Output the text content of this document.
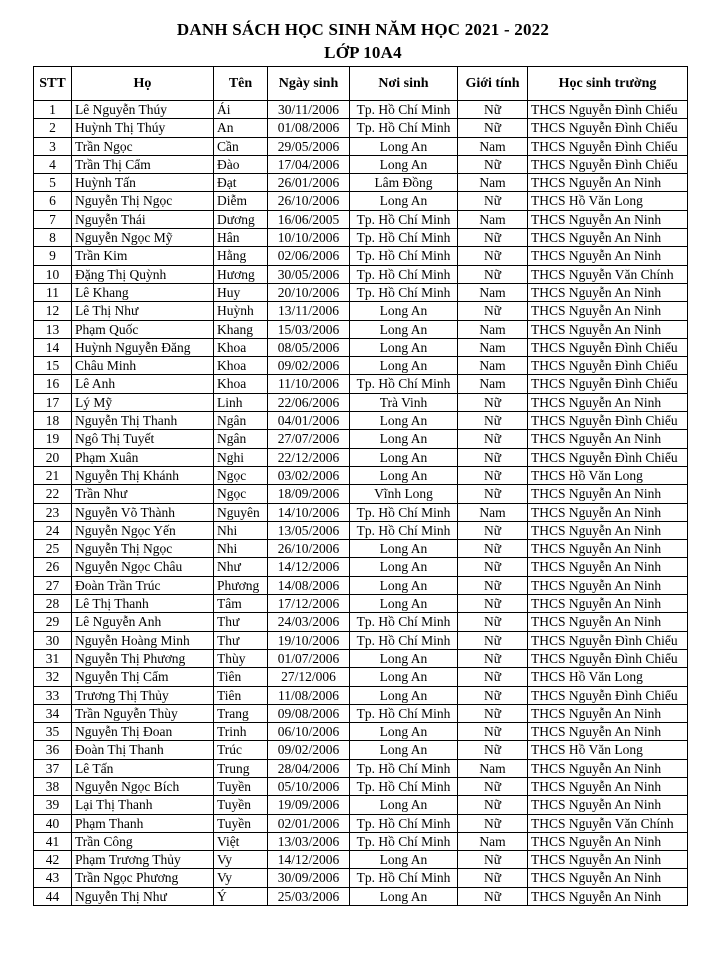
DANH SÁCH HỌC SINH NĂM HỌC 2021 - 2022
LỚP 10A4
STT	Họ	Tên	Ngày sinh	Nơi sinh	Giới tính	Học sinh trường
1	Lê Nguyễn Thúy	Ái	30/11/2006	Tp. Hồ Chí Minh	Nữ	THCS Nguyễn Đình Chiểu
2	Huỳnh Thị Thúy	An	01/08/2006	Tp. Hồ Chí Minh	Nữ	THCS Nguyễn Đình Chiểu
3	Trần Ngọc	Cần	29/05/2006	Long An	Nam	THCS Nguyễn Đình Chiểu
4	Trần Thị Cẩm	Đào	17/04/2006	Long An	Nữ	THCS Nguyễn Đình Chiểu
5	Huỳnh Tấn	Đạt	26/01/2006	Lâm Đồng	Nam	THCS Nguyễn An Ninh
6	Nguyễn Thị Ngọc	Diễm	26/10/2006	Long An	Nữ	THCS Hồ Văn Long
7	Nguyễn Thái	Dương	16/06/2005	Tp. Hồ Chí Minh	Nam	THCS Nguyễn An Ninh
8	Nguyễn Ngọc Mỹ	Hân	10/10/2006	Tp. Hồ Chí Minh	Nữ	THCS Nguyễn An Ninh
9	Trần Kim	Hằng	02/06/2006	Tp. Hồ Chí Minh	Nữ	THCS Nguyễn An Ninh
10	Đặng Thị Quỳnh	Hương	30/05/2006	Tp. Hồ Chí Minh	Nữ	THCS Nguyễn Văn Chính
11	Lê Khang	Huy	20/10/2006	Tp. Hồ Chí Minh	Nam	THCS Nguyễn An Ninh
12	Lê Thị Như	Huỳnh	13/11/2006	Long An	Nữ	THCS Nguyễn An Ninh
13	Phạm Quốc	Khang	15/03/2006	Long An	Nam	THCS Nguyễn An Ninh
14	Huỳnh Nguyễn Đăng	Khoa	08/05/2006	Long An	Nam	THCS Nguyễn Đình Chiểu
15	Châu Minh	Khoa	09/02/2006	Long An	Nam	THCS Nguyễn Đình Chiểu
16	Lê Anh	Khoa	11/10/2006	Tp. Hồ Chí Minh	Nam	THCS Nguyễn Đình Chiểu
17	Lý Mỹ	Linh	22/06/2006	Trà Vinh	Nữ	THCS Nguyễn An Ninh
18	Nguyễn Thị Thanh	Ngân	04/01/2006	Long An	Nữ	THCS Nguyễn Đình Chiểu
19	Ngô Thị Tuyết	Ngân	27/07/2006	Long An	Nữ	THCS Nguyễn An Ninh
20	Phạm Xuân	Nghi	22/12/2006	Long An	Nữ	THCS Nguyễn Đình Chiểu
21	Nguyễn Thị Khánh	Ngọc	03/02/2006	Long An	Nữ	THCS Hồ Văn Long
22	Trần Như	Ngọc	18/09/2006	Vĩnh Long	Nữ	THCS Nguyễn An Ninh
23	Nguyễn Võ Thành	Nguyên	14/10/2006	Tp. Hồ Chí Minh	Nam	THCS Nguyễn An Ninh
24	Nguyễn Ngọc Yến	Nhi	13/05/2006	Tp. Hồ Chí Minh	Nữ	THCS Nguyễn An Ninh
25	Nguyễn Thị Ngọc	Nhi	26/10/2006	Long An	Nữ	THCS Nguyễn An Ninh
26	Nguyễn Ngọc Châu	Như	14/12/2006	Long An	Nữ	THCS Nguyễn An Ninh
27	Đoàn Trần Trúc	Phương	14/08/2006	Long An	Nữ	THCS Nguyễn An Ninh
28	Lê Thị Thanh	Tâm	17/12/2006	Long An	Nữ	THCS Nguyễn An Ninh
29	Lê Nguyễn Anh	Thư	24/03/2006	Tp. Hồ Chí Minh	Nữ	THCS Nguyễn An Ninh
30	Nguyễn Hoàng Minh	Thư	19/10/2006	Tp. Hồ Chí Minh	Nữ	THCS Nguyễn Đình Chiểu
31	Nguyễn Thị Phương	Thùy	01/07/2006	Long An	Nữ	THCS Nguyễn Đình Chiểu
32	Nguyễn Thị Cẩm	Tiên	27/12/006	Long An	Nữ	THCS Hồ Văn Long
33	Trương Thị Thủy	Tiên	11/08/2006	Long An	Nữ	THCS Nguyễn Đình Chiểu
34	Trần Nguyễn Thùy	Trang	09/08/2006	Tp. Hồ Chí Minh	Nữ	THCS Nguyễn An Ninh
35	Nguyễn Thị Đoan	Trinh	06/10/2006	Long An	Nữ	THCS Nguyễn An Ninh
36	Đoàn Thị Thanh	Trúc	09/02/2006	Long An	Nữ	THCS Hồ Văn Long
37	Lê Tấn	Trung	28/04/2006	Tp. Hồ Chí Minh	Nam	THCS Nguyễn An Ninh
38	Nguyễn Ngọc Bích	Tuyền	05/10/2006	Tp. Hồ Chí Minh	Nữ	THCS Nguyễn An Ninh
39	Lại Thị Thanh	Tuyền	19/09/2006	Long An	Nữ	THCS Nguyễn An Ninh
40	Phạm Thanh	Tuyền	02/01/2006	Tp. Hồ Chí Minh	Nữ	THCS Nguyễn Văn Chính
41	Trần Công	Việt	13/03/2006	Tp. Hồ Chí Minh	Nam	THCS Nguyễn An Ninh
42	Phạm Trương Thủy	Vy	14/12/2006	Long An	Nữ	THCS Nguyễn An Ninh
43	Trần Ngọc Phương	Vy	30/09/2006	Tp. Hồ Chí Minh	Nữ	THCS Nguyễn An Ninh
44	Nguyễn Thị Như	Ý	25/03/2006	Long An	Nữ	THCS Nguyễn An Ninh
